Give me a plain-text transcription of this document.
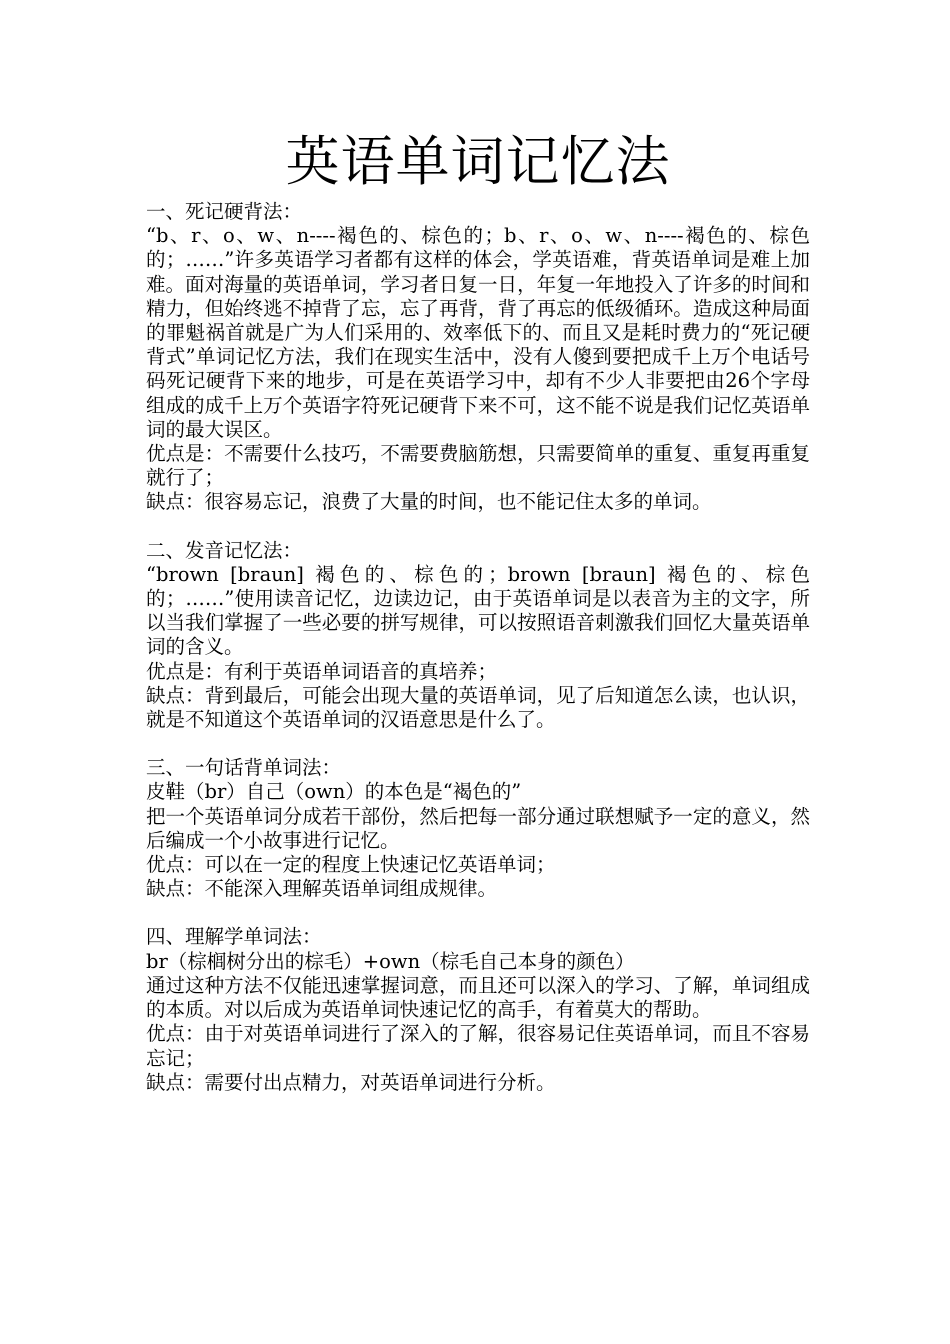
英语单词记忆法

一、死记硬背法：

“b、r、o、w、n----褐色的、棕色的；b、r、o、w、n----褐色的、棕色的；……”许多英语学习者都有这样的体会，学英语难，背英语单词是难上加难。面对海量的英语单词，学习者日复一日，年复一年地投入了许多的时间和精力，但始终逃不掉背了忘，忘了再背，背了再忘的低级循环。造成这种局面的罪魁祸首就是广为人们采用的、效率低下的、而且又是耗时费力的“死记硬背式”单词记忆方法，我们在现实生活中，没有人傻到要把成千上万个电话号码死记硬背下来的地步，可是在英语学习中，却有不少人非要把由26个字母组成的成千上万个英语字符死记硬背下来不可，这不能不说是我们记忆英语单词的最大误区。

优点是：不需要什么技巧，不需要费脑筋想，只需要简单的重复、重复再重复就行了；

缺点：很容易忘记，浪费了大量的时间，也不能记住太多的单词。

二、发音记忆法：

“brown [braun] 褐色的、棕色的；brown [braun] 褐色的、棕色的；……”使用读音记忆，边读边记，由于英语单词是以表音为主的文字，所以当我们掌握了一些必要的拼写规律，可以按照语音刺激我们回忆大量英语单词的含义。

优点是：有利于英语单词语音的真培养；

缺点：背到最后，可能会出现大量的英语单词，见了后知道怎么读，也认识，就是不知道这个英语单词的汉语意思是什么了。

三、一句话背单词法：

皮鞋（br）自己（own）的本色是“褐色的”

把一个英语单词分成若干部份，然后把每一部分通过联想赋予一定的意义，然后编成一个小故事进行记忆。

优点：可以在一定的程度上快速记忆英语单词；

缺点：不能深入理解英语单词组成规律。

四、理解学单词法：

br（棕榈树分出的棕毛）+own（棕毛自己本身的颜色）

通过这种方法不仅能迅速掌握词意，而且还可以深入的学习、了解，单词组成的本质。对以后成为英语单词快速记忆的高手，有着莫大的帮助。

优点：由于对英语单词进行了深入的了解，很容易记住英语单词，而且不容易忘记；

缺点：需要付出点精力，对英语单词进行分析。
